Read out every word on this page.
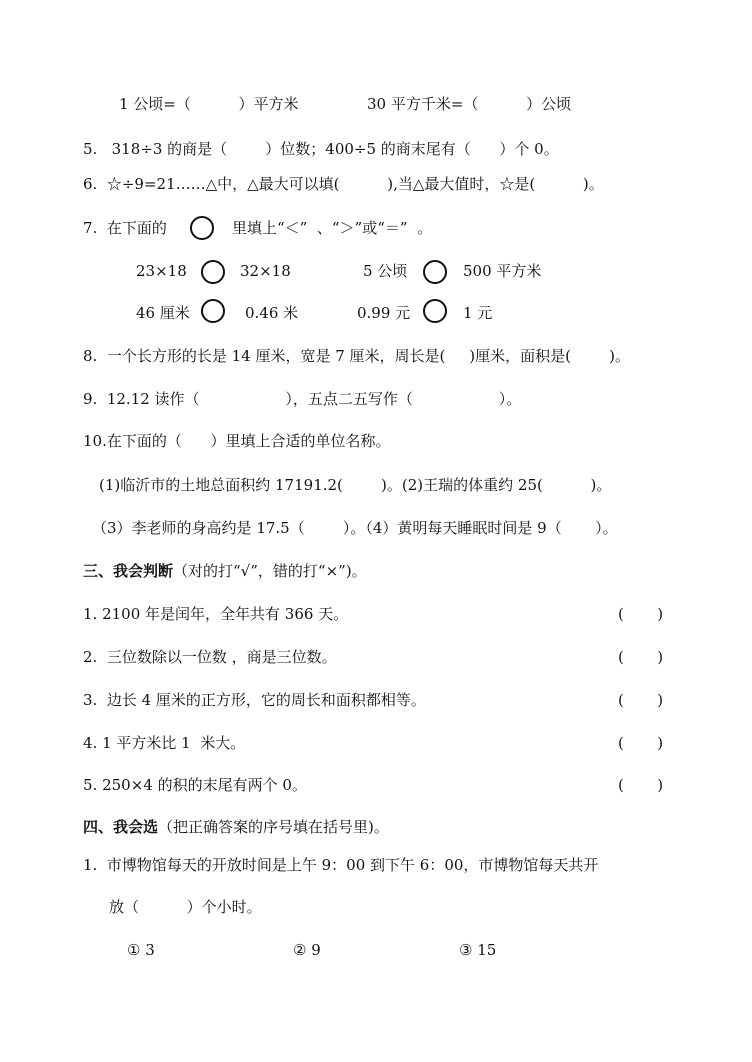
1 公顷=（          ）平方米	30 平方千米=（          ）公顷
5.   318÷3 的商是（        ）位数；400÷5 的商末尾有（      ）个 0。
6.  ☆÷9=21……△中，△最大可以填(          ),当△最大值时，☆是(          )。
7.  在下面的	里填上“＜”  、“＞”或“＝”  。
23×18	32×18	5 公顷	500 平方米
46 厘米	0.46 米	0.99 元	1 元
8.  一个长方形的长是 14 厘米，宽是 7 厘米，周长是(     )厘米，面积是(        )。
9.  12.12 读作（                  ），五点二五写作（                  ）。
10.在下面的（      ）里填上合适的单位名称。
(1)临沂市的土地总面积约 17191.2(        )。(2)王瑞的体重约 25(          )。
（3）李老师的身高约是 17.5（        ）。（4）黄明每天睡眠时间是 9（       ）。
三、我会判断（对的打“√”，错的打“×”)。
1. 2100 年是闰年，全年共有 366 天。	(       )
2.  三位数除以一位数 ，商是三位数。	(       )
3.  边长 4 厘米的正方形，它的周长和面积都相等。	(       )
4. 1 平方米比 1  米大。	(       )
5. 250×4 的积的末尾有两个 0。	(       )
四、我会选（把正确答案的序号填在括号里)。
1.  市博物馆每天的开放时间是上午 9：00 到下午 6：00，市博物馆每天共开
放（          ）个小时。
① 3	② 9	③ 15
